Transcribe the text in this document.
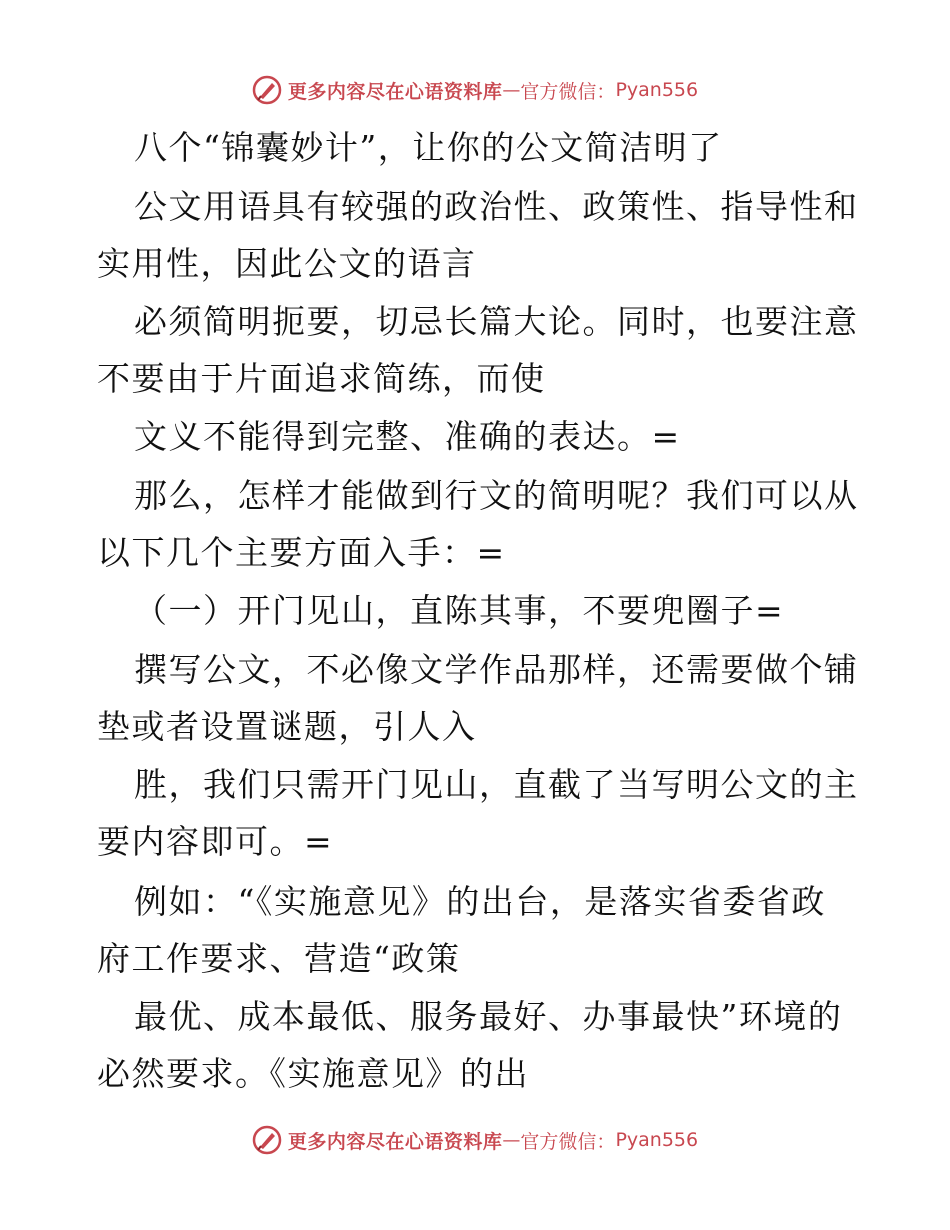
更多内容尽在心语资料库 — 官方微信： Pyan556
八个“锦囊妙计”，让你的公文简洁明了
公文用语具有较强的政治性、政策性、指导性和
实用性，因此公文的语言
必须简明扼要，切忌长篇大论。同时，也要注意
不要由于片面追求简练，而使
文义不能得到完整、准确的表达。=
那么，怎样才能做到行文的简明呢？我们可以从
以下几个主要方面入手：=
（一）开门见山，直陈其事，不要兜圈子=
撰写公文，不必像文学作品那样，还需要做个铺
垫或者设置谜题，引人入
胜，我们只需开门见山，直截了当写明公文的主
要内容即可。=
例如：“《实施意见》的出台，是落实省委省政
府工作要求、营造“政策
最优、成本最低、服务最好、办事最快”环境的
必然要求。《实施意见》的出
更多内容尽在心语资料库 — 官方微信： Pyan556
